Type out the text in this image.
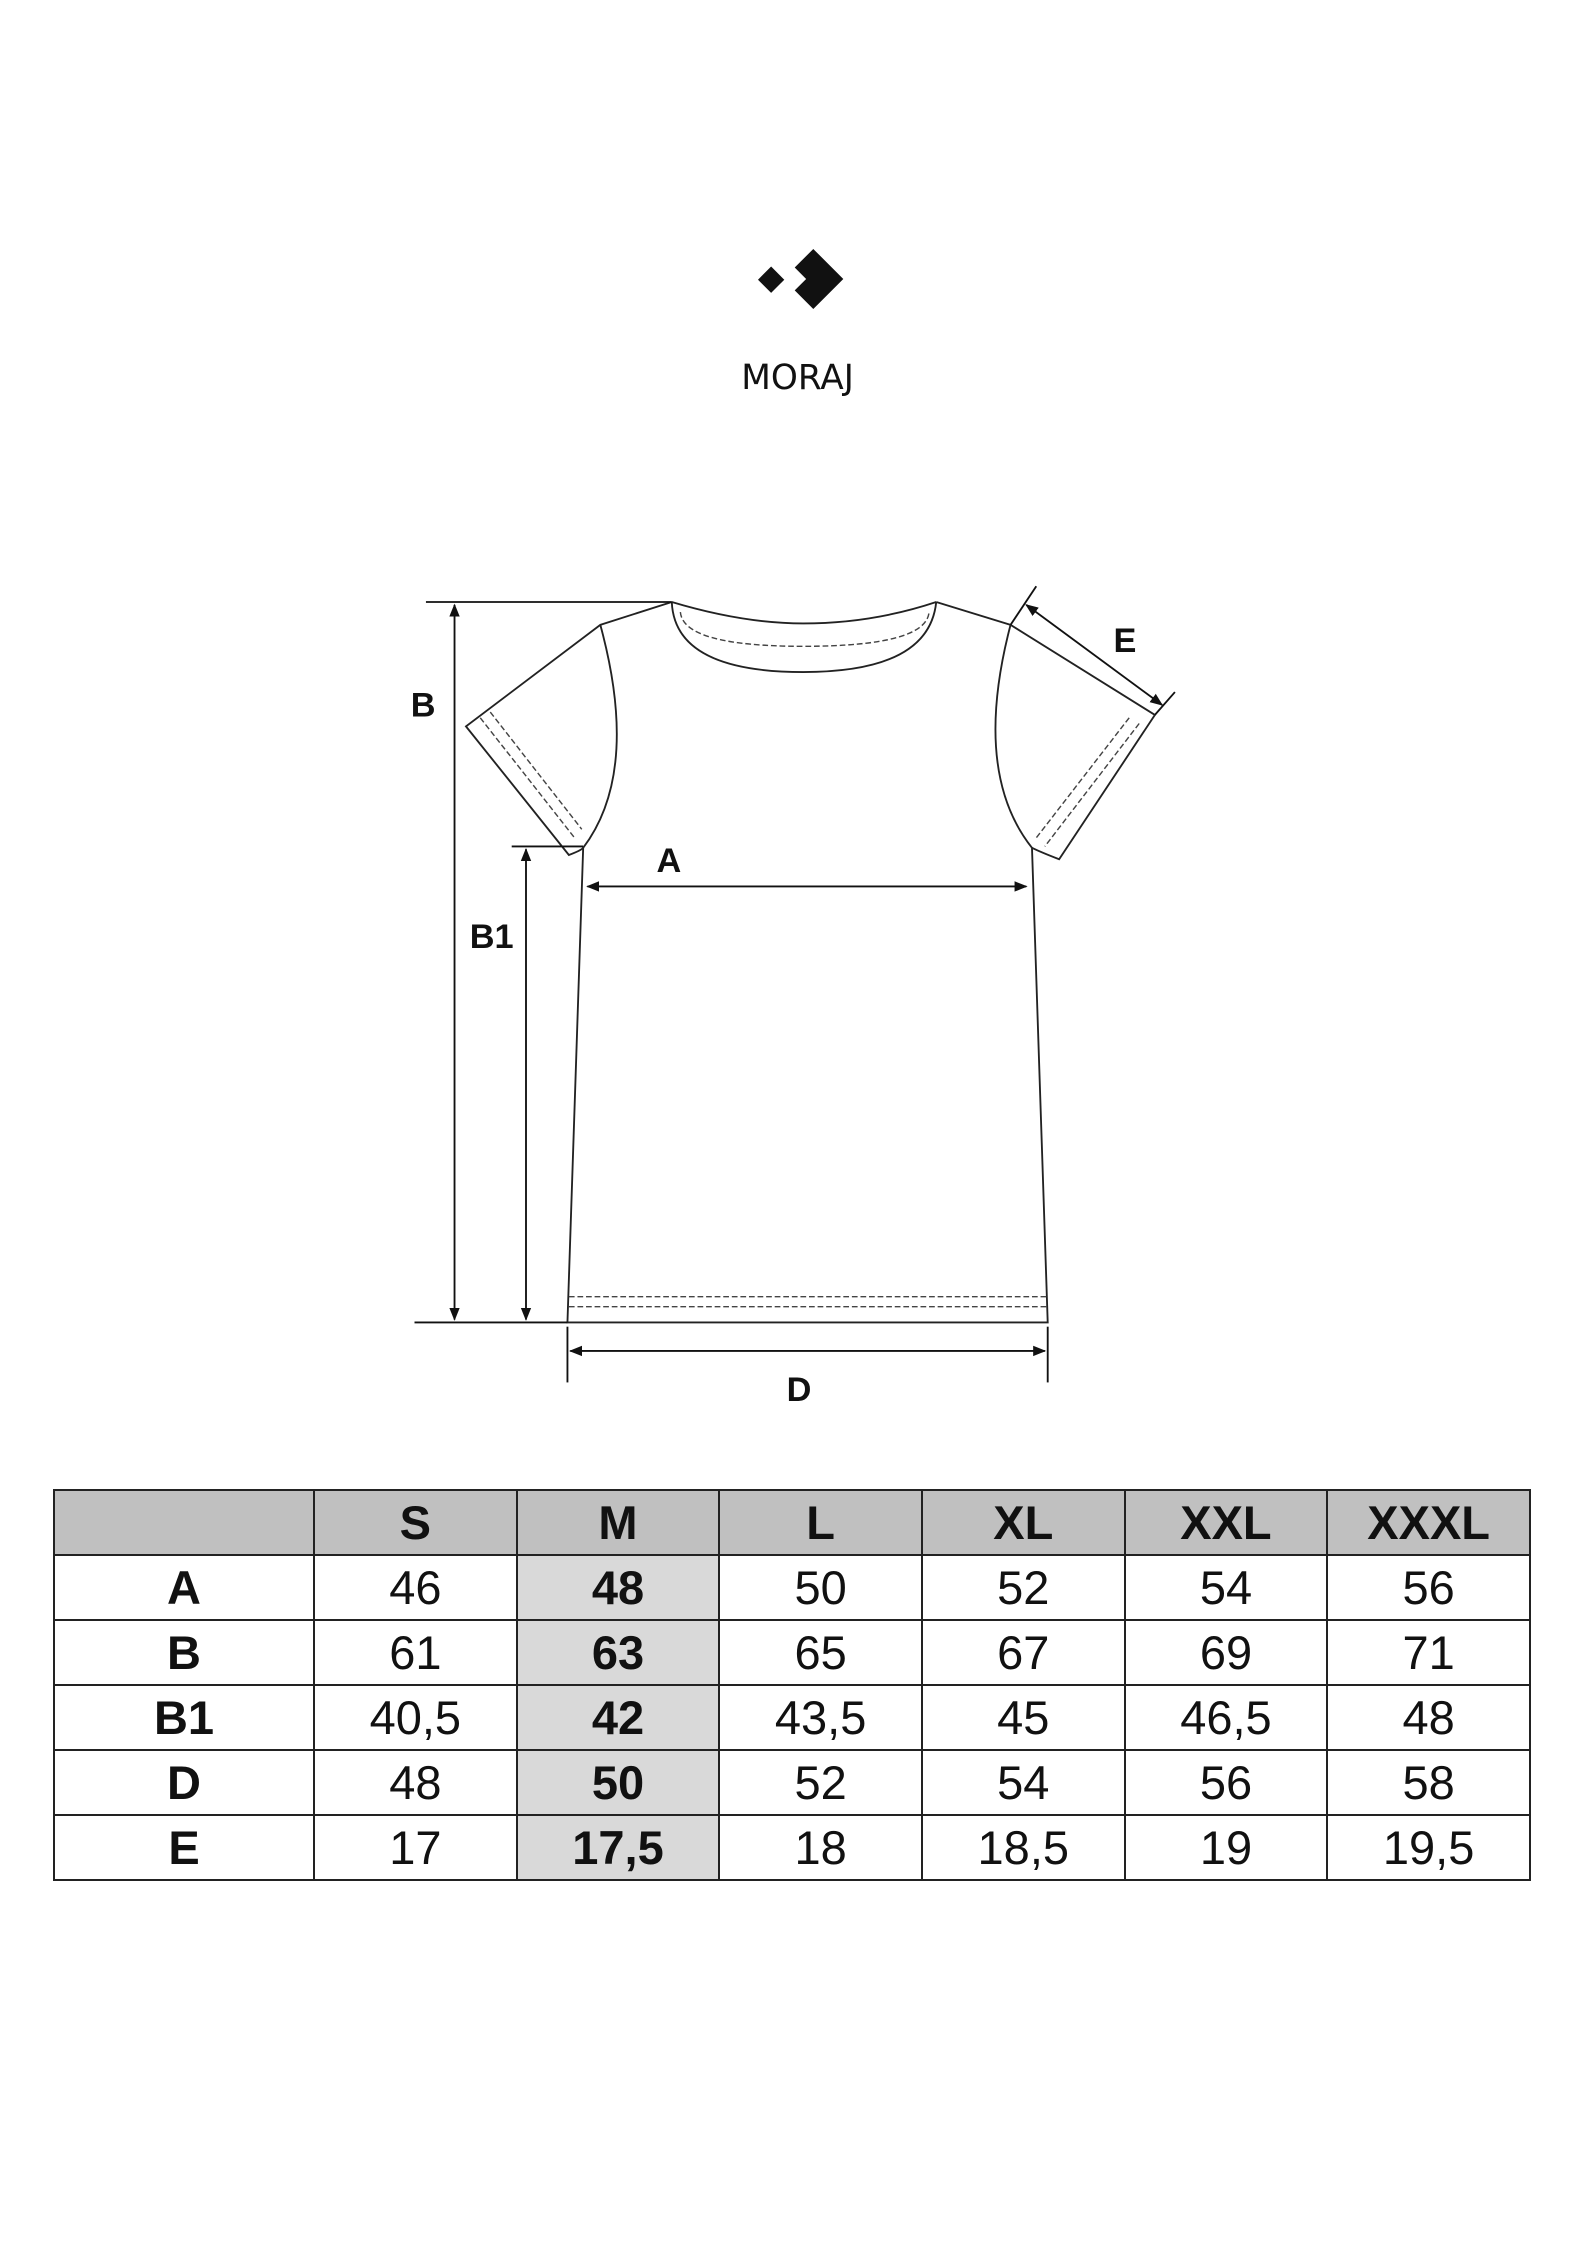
MORAJ
B
B1
A
D
E
	S	M	L	XL	XXL	XXXL
A	46	48	50	52	54	56
B	61	63	65	67	69	71
B1	40,5	42	43,5	45	46,5	48
D	48	50	52	54	56	58
E	17	17,5	18	18,5	19	19,5
